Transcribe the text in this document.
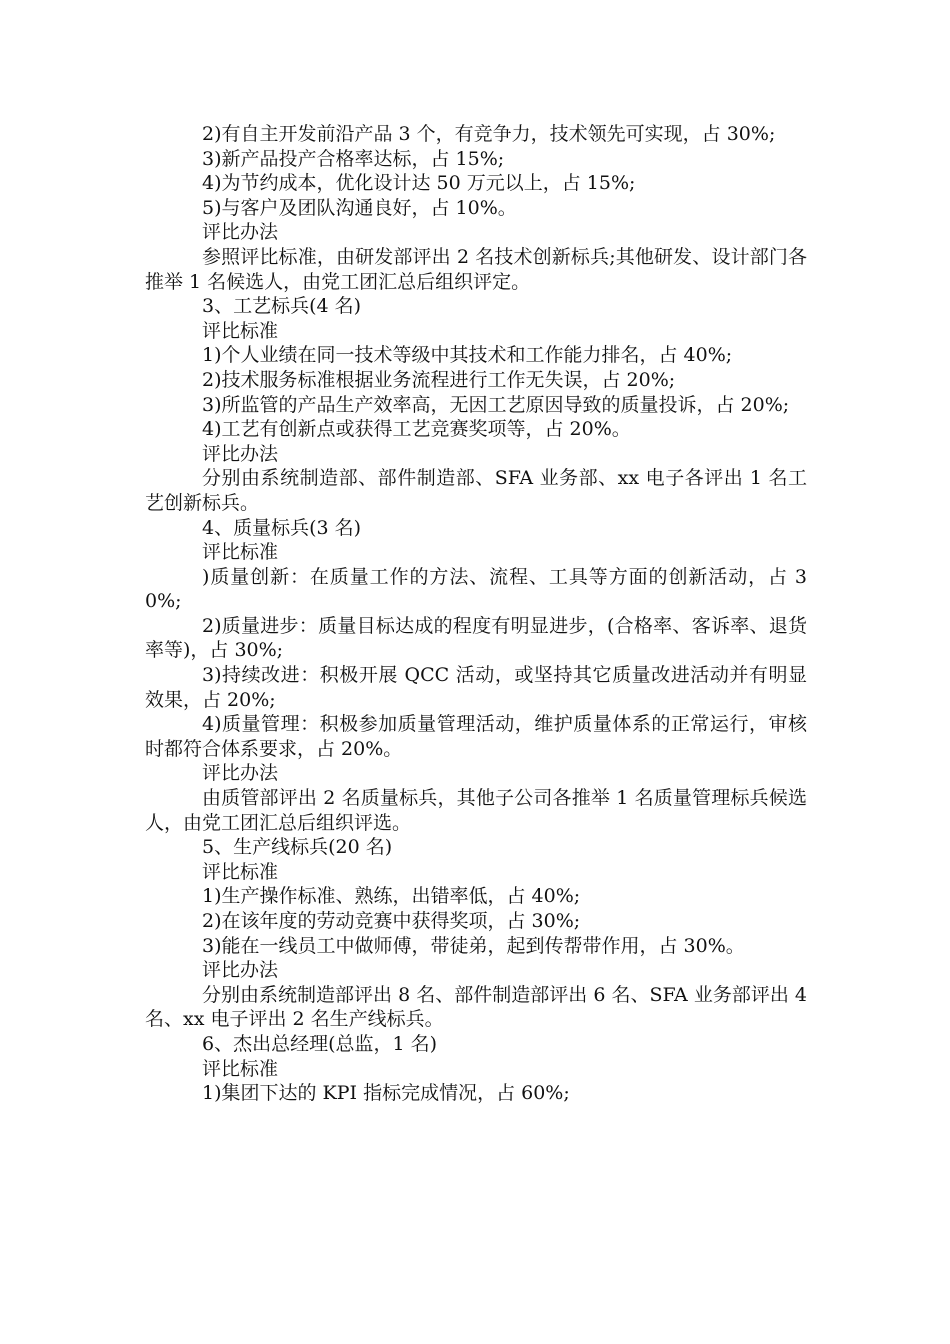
2)有自主开发前沿产品 3 个，有竞争力，技术领先可实现，占 30%;

3)新产品投产合格率达标，占 15%;

4)为节约成本，优化设计达 50 万元以上，占 15%;

5)与客户及团队沟通良好，占 10%。

评比办法

参照评比标准，由研发部评出 2 名技术创新标兵;其他研发、设计部门各推举 1 名候选人，由党工团汇总后组织评定。

3、工艺标兵(4 名)

评比标准

1)个人业绩在同一技术等级中其技术和工作能力排名，占 40%;

2)技术服务标准根据业务流程进行工作无失误，占 20%;

3)所监管的产品生产效率高，无因工艺原因导致的质量投诉，占 20%;

4)工艺有创新点或获得工艺竞赛奖项等，占 20%。

评比办法

分别由系统制造部、部件制造部、SFA 业务部、xx 电子各评出 1 名工艺创新标兵。

4、质量标兵(3 名)

评比标准

)质量创新：在质量工作的方法、流程、工具等方面的创新活动，占 30%;

2)质量进步：质量目标达成的程度有明显进步，(合格率、客诉率、退货率等)，占 30%;

3)持续改进：积极开展 QCC 活动，或坚持其它质量改进活动并有明显效果，占 20%;

4)质量管理：积极参加质量管理活动，维护质量体系的正常运行，审核时都符合体系要求，占 20%。

评比办法

由质管部评出 2 名质量标兵，其他子公司各推举 1 名质量管理标兵候选人，由党工团汇总后组织评选。

5、生产线标兵(20 名)

评比标准

1)生产操作标准、熟练，出错率低，占 40%;

2)在该年度的劳动竞赛中获得奖项，占 30%;

3)能在一线员工中做师傅，带徒弟，起到传帮带作用，占 30%。

评比办法

分别由系统制造部评出 8 名、部件制造部评出 6 名、SFA 业务部评出 4 名、xx 电子评出 2 名生产线标兵。

6、杰出总经理(总监，1 名)

评比标准

1)集团下达的 KPI 指标完成情况，占 60%;
